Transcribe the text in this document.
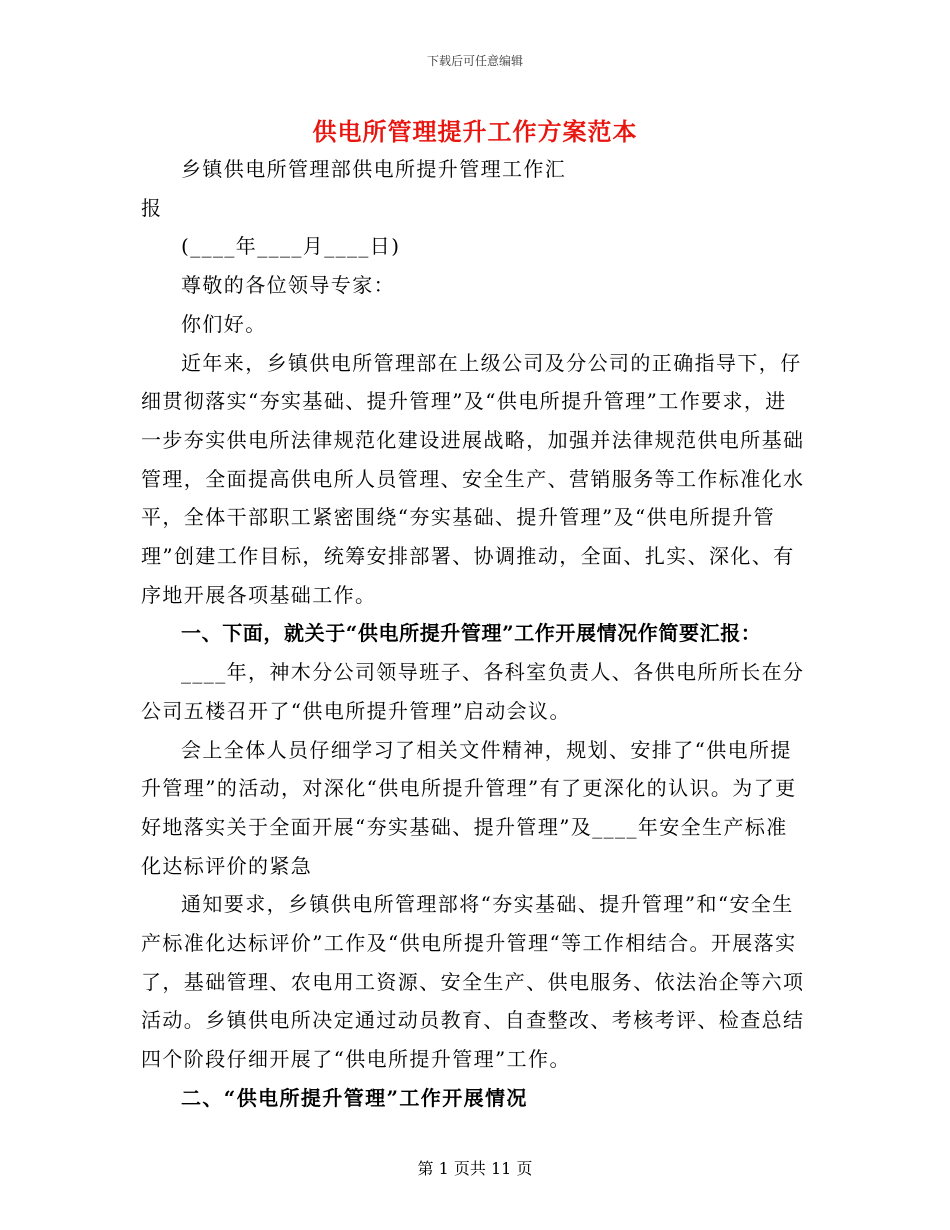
下载后可任意编辑
供电所管理提升工作方案范本

乡镇供电所管理部供电所提升管理工作汇报

(____年____月____日)

尊敬的各位领导专家：

你们好。

近年来，乡镇供电所管理部在上级公司及分公司的正确指导下，仔细贯彻落实“夯实基础、提升管理”及“供电所提升管理”工作要求，进一步夯实供电所法律规范化建设进展战略，加强并法律规范供电所基础管理，全面提高供电所人员管理、安全生产、营销服务等工作标准化水平，全体干部职工紧密围绕“夯实基础、提升管理”及“供电所提升管理”创建工作目标，统筹安排部署、协调推动，全面、扎实、深化、有序地开展各项基础工作。

一、下面，就关于“供电所提升管理”工作开展情况作简要汇报：

____年，神木分公司领导班子、各科室负责人、各供电所所长在分公司五楼召开了“供电所提升管理”启动会议。

会上全体人员仔细学习了相关文件精神，规划、安排了“供电所提升管理”的活动，对深化“供电所提升管理”有了更深化的认识。为了更好地落实关于全面开展“夯实基础、提升管理”及____年安全生产标准化达标评价的紧急

通知要求，乡镇供电所管理部将“夯实基础、提升管理”和“安全生产标准化达标评价”工作及“供电所提升管理“等工作相结合。开展落实了，基础管理、农电用工资源、安全生产、供电服务、依法治企等六项活动。乡镇供电所决定通过动员教育、自查整改、考核考评、检查总结四个阶段仔细开展了“供电所提升管理”工作。

二、“供电所提升管理”工作开展情况

第 1 页共 11 页
